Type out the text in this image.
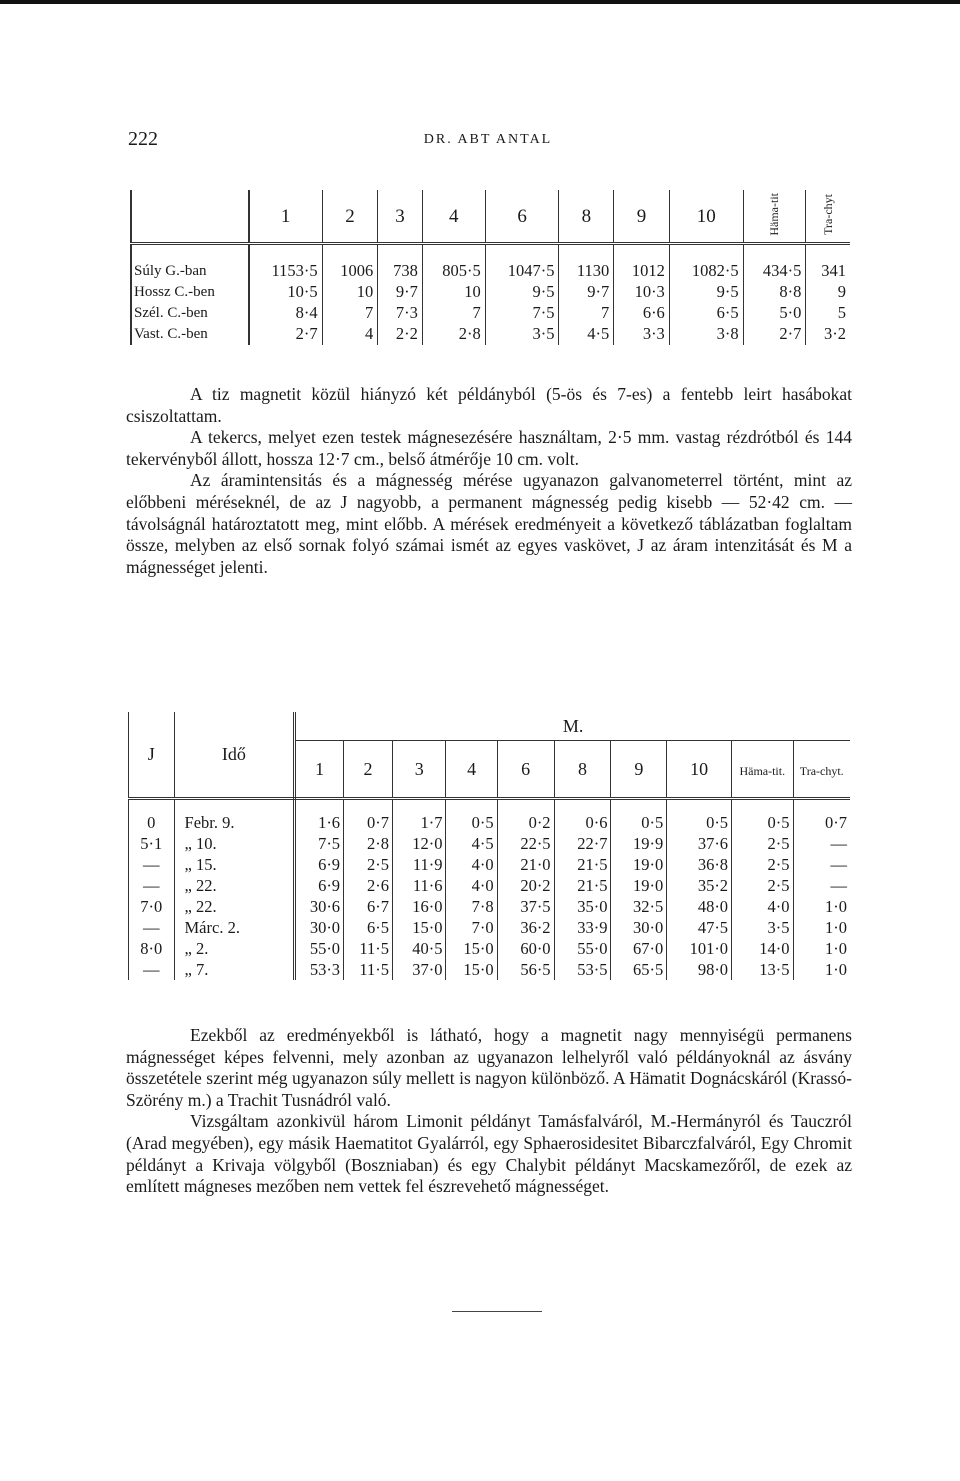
222	DR. ABT ANTAL
	1	2	3	4	6	8	9	10	Häma-tit	Tra-chyt

Súly G.-ban	1153·5	1006	738	805·5	1047·5	1130	1012	1082·5	434·5	341
Hossz C.-ben	10·5	10	9·7	10	9·5	9·7	10·3	9·5	8·8	9
Szél. C.-ben	8·4	7	7·3	7	7·5	7	6·6	6·5	5·0	5
Vast. C.-ben	2·7	4	2·2	2·8	3·5	4·5	3·3	3·8	2·7	3·2

A tiz magnetit közül hiányzó két példányból (5-ös és 7-es) a fentebb leirt hasábokat csiszoltattam.

A tekercs, melyet ezen testek mágnesezésére használtam, 2·5 mm. vastag rézdrótból és 144 tekervényből állott, hossza 12·7 cm., belső átmérője 10 cm. volt.

Az áramintensitás és a mágnesség mérése ugyanazon galvanometerrel történt, mint az előbbeni méréseknél, de az J nagyobb, a permanent mágnesség pedig kisebb — 52·42 cm. — távolságnál határoztatott meg, mint előbb. A mérések eredményeit a következő táblázatban foglaltam össze, melyben az első sornak folyó számai ismét az egyes vaskövet, J az áram intenzitását és M a mágnességet jelenti.

J	Idő	M.									
		1	2	3	4	6	8	9	10	Häma-tit.	Tra-chyt.

0	Febr. 9.	1·6	0·7	1·7	0·5	0·2	0·6	0·5	0·5	0·5	0·7
5·1	„ 10.	7·5	2·8	12·0	4·5	22·5	22·7	19·9	37·6	2·5	—
—	„ 15.	6·9	2·5	11·9	4·0	21·0	21·5	19·0	36·8	2·5	—
—	„ 22.	6·9	2·6	11·6	4·0	20·2	21·5	19·0	35·2	2·5	—
7·0	„ 22.	30·6	6·7	16·0	7·8	37·5	35·0	32·5	48·0	4·0	1·0
—	Márc. 2.	30·0	6·5	15·0	7·0	36·2	33·9	30·0	47·5	3·5	1·0
8·0	„ 2.	55·0	11·5	40·5	15·0	60·0	55·0	67·0	101·0	14·0	1·0
—	„ 7.	53·3	11·5	37·0	15·0	56·5	53·5	65·5	98·0	13·5	1·0

Ezekből az eredményekből is látható, hogy a magnetit nagy mennyiségü permanens mágnességet képes felvenni, mely azonban az ugyanazon lelhelyről való példányoknál az ásvány összetétele szerint még ugyanazon súly mellett is nagyon különböző. A Hämatit Dognácskáról (Krassó-Szörény m.) a Trachit Tusnádról való.

Vizsgáltam azonkivül három Limonit példányt Tamásfalváról, M.-Hermányról és Tauczról (Arad megyében), egy másik Haematitot Gyalárról, egy Sphaerosidesitet Bibarczfalváról, Egy Chromit példányt a Krivaja völgyből (Boszniaban) és egy Chalybit példányt Macskamezőről, de ezek az említett mágneses mezőben nem vettek fel észrevehető mágnességet.
